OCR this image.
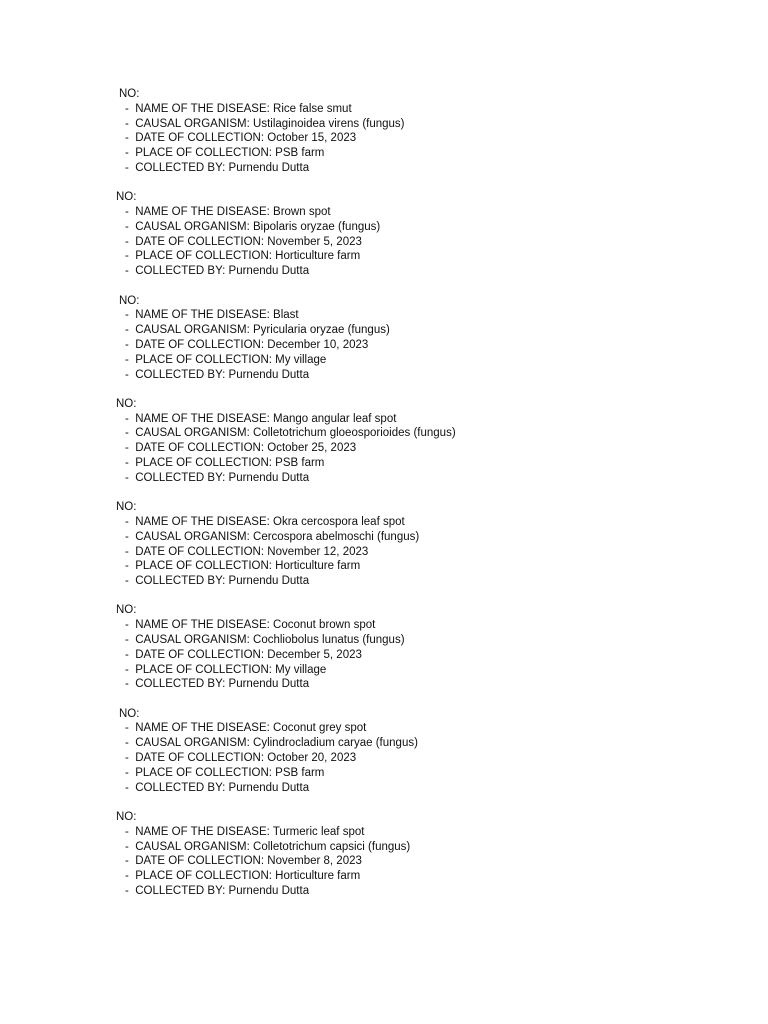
NO:
- NAME OF THE DISEASE: Rice false smut
- CAUSAL ORGANISM: Ustilaginoidea virens (fungus)
- DATE OF COLLECTION: October 15, 2023
- PLACE OF COLLECTION: PSB farm
- COLLECTED BY: Purnendu Dutta
NO:
- NAME OF THE DISEASE: Brown spot
- CAUSAL ORGANISM: Bipolaris oryzae (fungus)
- DATE OF COLLECTION: November 5, 2023
- PLACE OF COLLECTION: Horticulture farm
- COLLECTED BY: Purnendu Dutta
NO:
- NAME OF THE DISEASE: Blast
- CAUSAL ORGANISM: Pyricularia oryzae (fungus)
- DATE OF COLLECTION: December 10, 2023
- PLACE OF COLLECTION: My village
- COLLECTED BY: Purnendu Dutta
NO:
- NAME OF THE DISEASE: Mango angular leaf spot
- CAUSAL ORGANISM: Colletotrichum gloeosporioides (fungus)
- DATE OF COLLECTION: October 25, 2023
- PLACE OF COLLECTION: PSB farm
- COLLECTED BY: Purnendu Dutta
NO:
- NAME OF THE DISEASE: Okra cercospora leaf spot
- CAUSAL ORGANISM: Cercospora abelmoschi (fungus)
- DATE OF COLLECTION: November 12, 2023
- PLACE OF COLLECTION: Horticulture farm
- COLLECTED BY: Purnendu Dutta
NO:
- NAME OF THE DISEASE: Coconut brown spot
- CAUSAL ORGANISM: Cochliobolus lunatus (fungus)
- DATE OF COLLECTION: December 5, 2023
- PLACE OF COLLECTION: My village
- COLLECTED BY: Purnendu Dutta
NO:
- NAME OF THE DISEASE: Coconut grey spot
- CAUSAL ORGANISM: Cylindrocladium caryae (fungus)
- DATE OF COLLECTION: October 20, 2023
- PLACE OF COLLECTION: PSB farm
- COLLECTED BY: Purnendu Dutta
NO:
- NAME OF THE DISEASE: Turmeric leaf spot
- CAUSAL ORGANISM: Colletotrichum capsici (fungus)
- DATE OF COLLECTION: November 8, 2023
- PLACE OF COLLECTION: Horticulture farm
- COLLECTED BY: Purnendu Dutta
